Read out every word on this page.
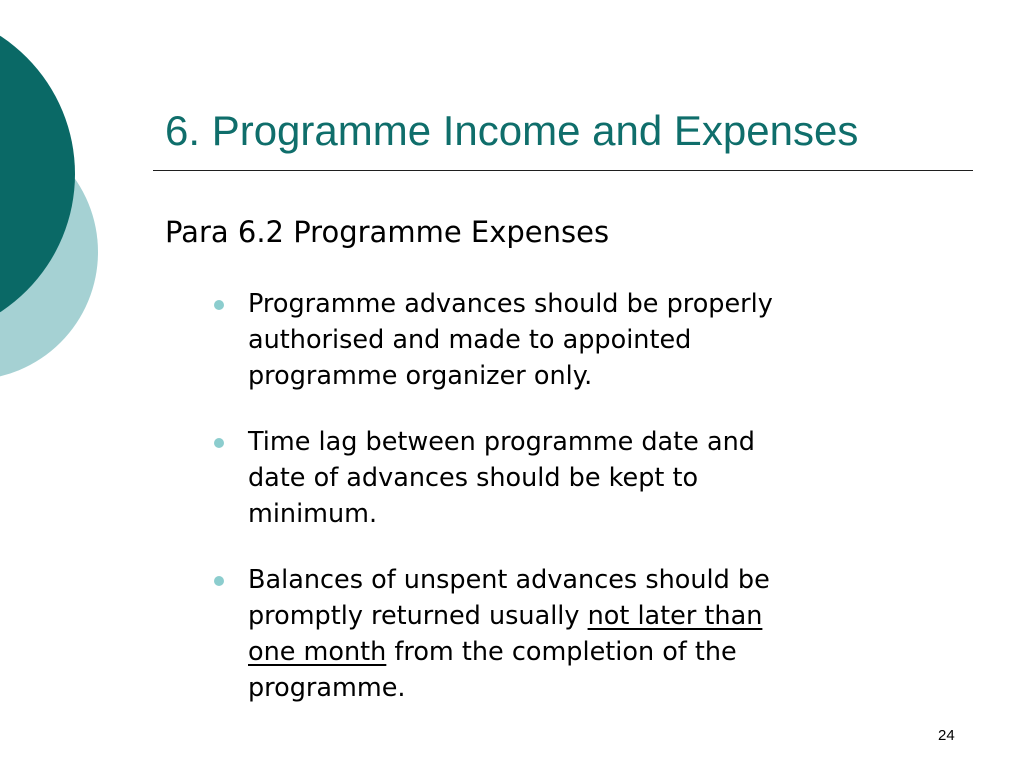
6. Programme Income and Expenses
Para 6.2 Programme Expenses
Programme advances should be properly
authorised and made to appointed
programme organizer only.
Time lag between programme date and
date of advances should be kept to
minimum.
Balances of unspent advances should be
promptly returned usually not later than
one month from the completion of the
programme.
24
